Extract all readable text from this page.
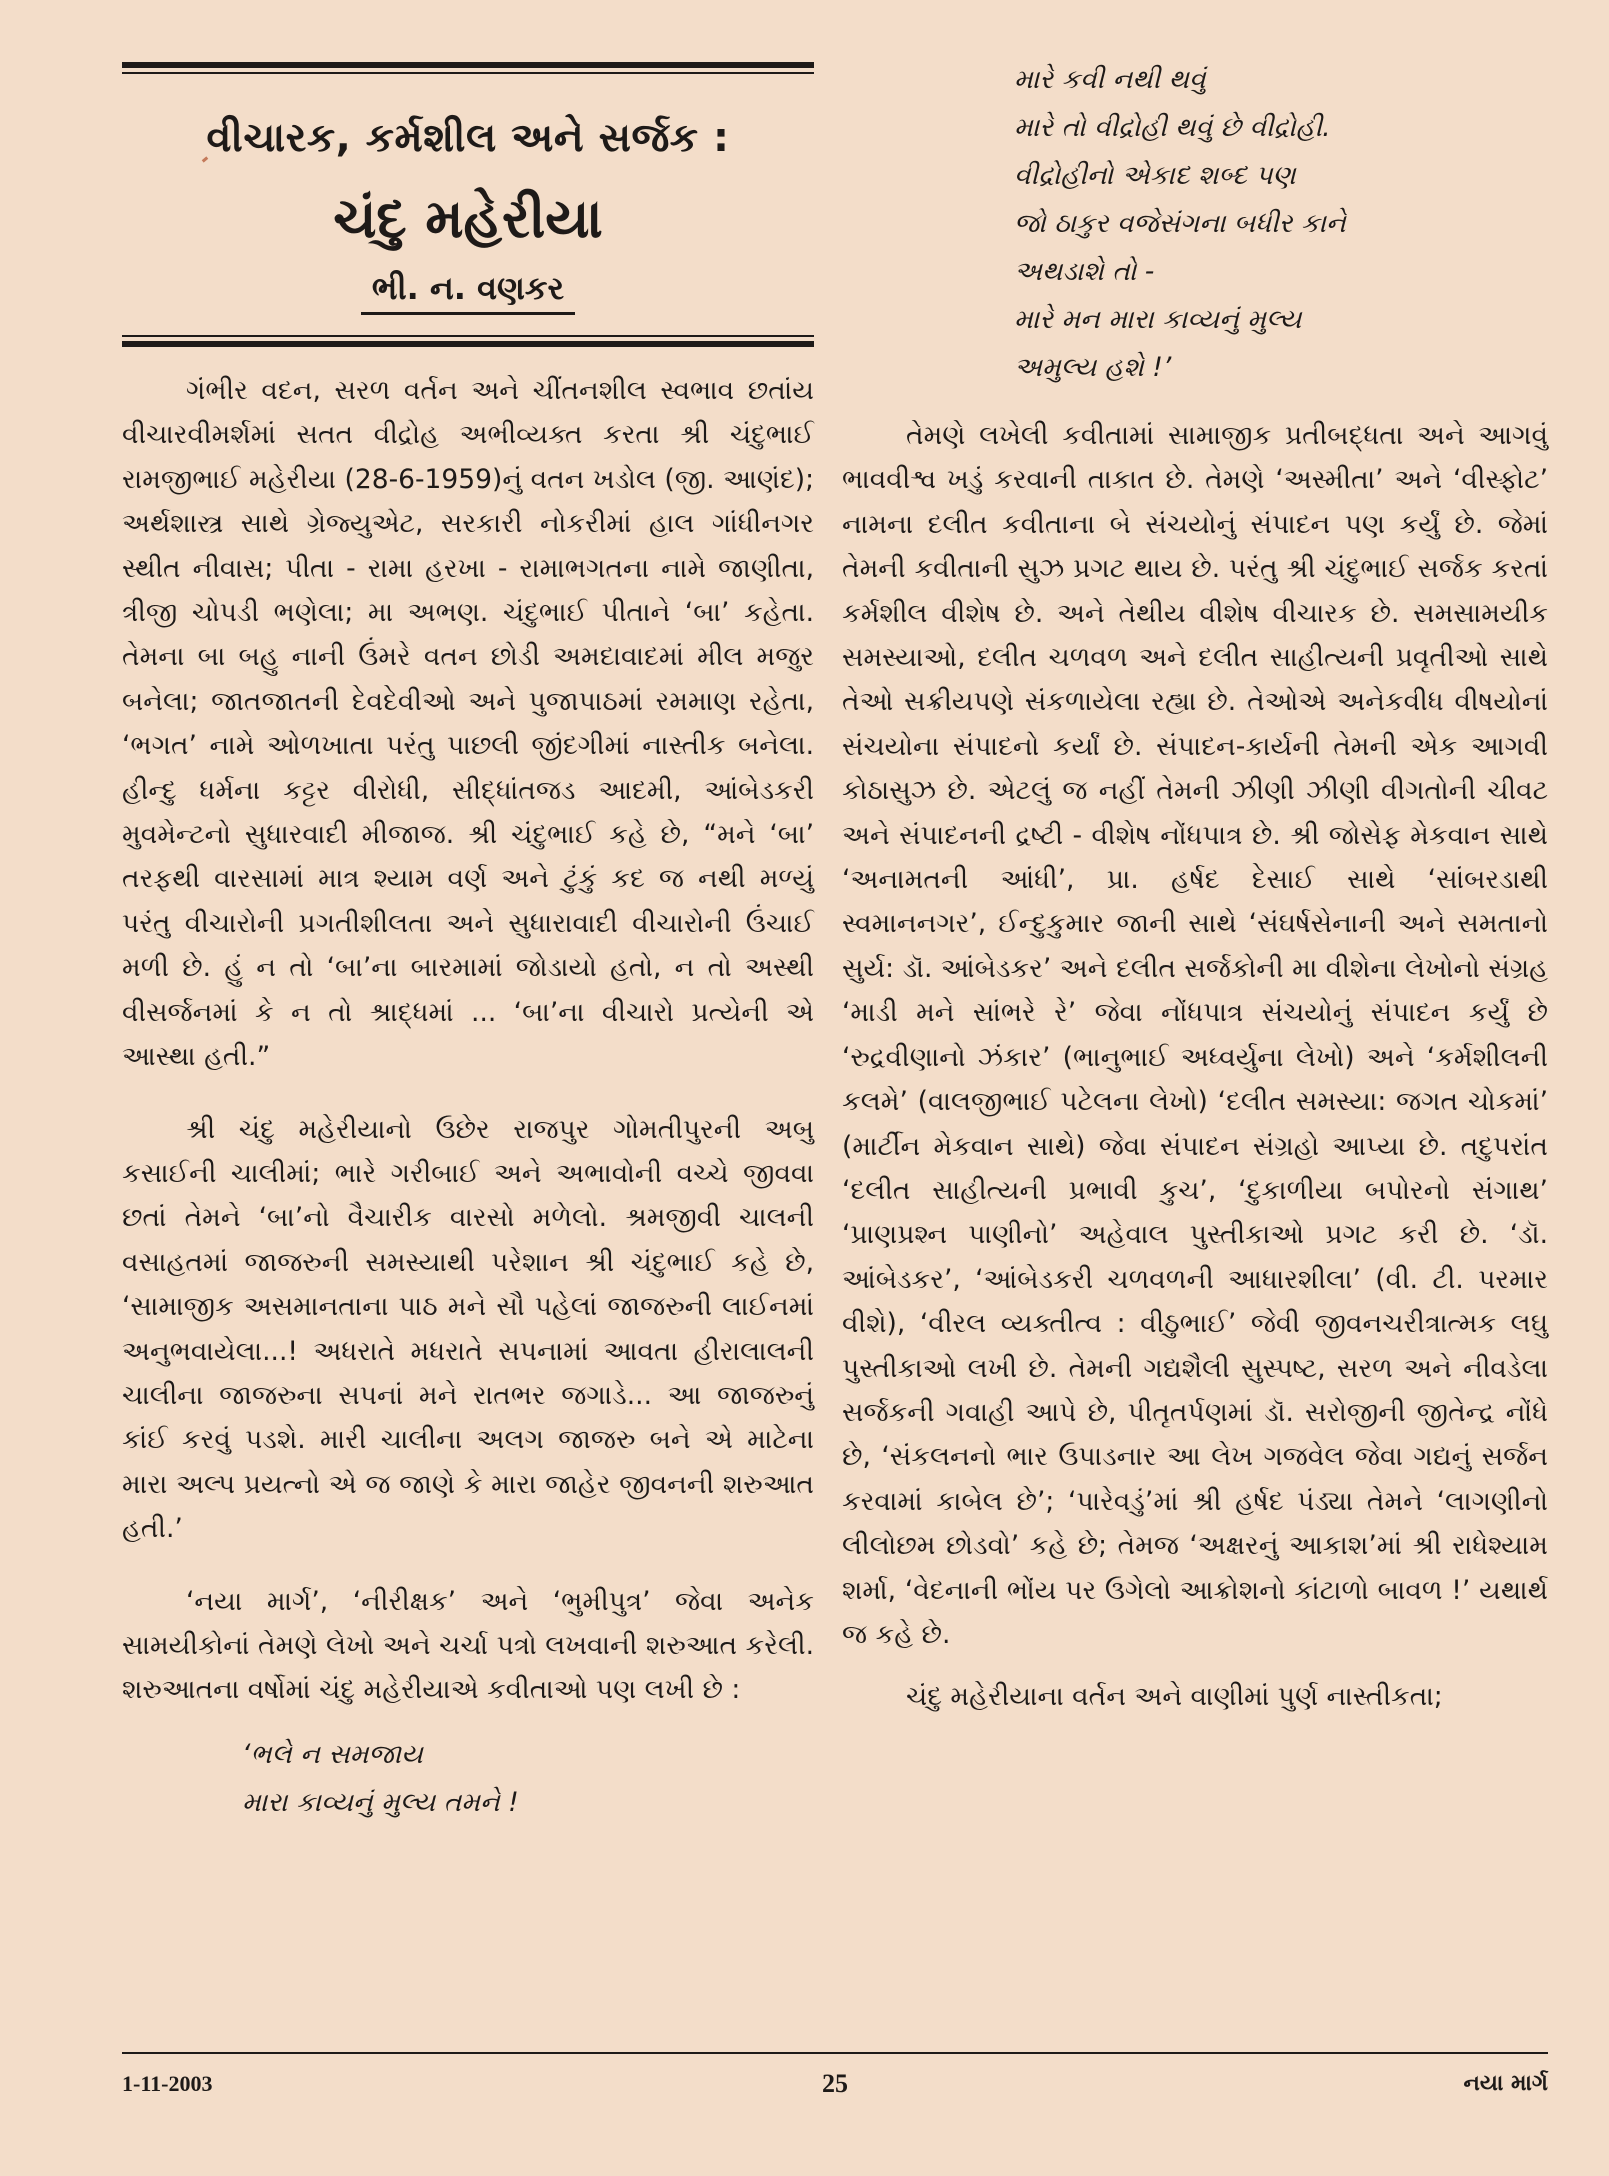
વીચારક, કર્મશીલ અને સર્જક :
ચંદુ મહેરીયા
ભી. ન. વણકર

ગંભીર વદન, સરળ વર્તન અને ચીંતનશીલ સ્વભાવ છતાંય વીચારવીમર્શમાં સતત વીદ્રોહ અભીવ્યક્ત કરતા શ્રી ચંદુભાઈ રામજીભાઈ મહેરીયા (28-6-1959)નું વતન ખડોલ (જી. આણંદ); અર્થશાસ્ત્ર સાથે ગ્રેજ્યુએટ, સરકારી નોકરીમાં હાલ ગાંધીનગર સ્થીત નીવાસ; પીતા - રામા હરખા - રામાભગતના નામે જાણીતા, ત્રીજી ચોપડી ભણેલા; મા અભણ. ચંદુભાઈ પીતાને ‘બા’ કહેતા. તેમના બા બહુ નાની ઉંમરે વતન છોડી અમદાવાદમાં મીલ મજુર બનેલા; જાતજાતની દેવદેવીઓ અને પુજાપાઠમાં રમમાણ રહેતા, ‘ભગત’ નામે ઓળખાતા પરંતુ પાછલી જીંદગીમાં નાસ્તીક બનેલા. હીન્દુ ધર્મના કટ્ટર વીરોધી, સીદ્ધાંતજડ આદમી, આંબેડકરી મુવમેન્ટનો સુધારવાદી મીજાજ. શ્રી ચંદુભાઈ કહે છે, “મને ‘બા’ તરફથી વારસામાં માત્ર શ્યામ વર્ણ અને ટુંકું કદ જ નથી મળ્યું પરંતુ વીચારોની પ્રગતીશીલતા અને સુધારાવાદી વીચારોની ઉંચાઈ મળી છે. હું ન તો ‘બા’ના બારમામાં જોડાયો હતો, ન તો અસ્થી વીસર્જનમાં કે ન તો શ્રાદ્ધમાં ... ‘બા’ના વીચારો પ્રત્યેની એ આસ્થા હતી.”

શ્રી ચંદુ મહેરીયાનો ઉછેર રાજપુર ગોમતીપુરની અબુ કસાઈની ચાલીમાં; ભારે ગરીબાઈ અને અભાવોની વચ્ચે જીવવા છતાં તેમને ‘બા’નો વૈચારીક વારસો મળેલો. શ્રમજીવી ચાલની વસાહતમાં જાજરુની સમસ્યાથી પરેશાન શ્રી ચંદુભાઈ કહે છે, ‘સામાજીક અસમાનતાના પાઠ મને સૌ પહેલાં જાજરુની લાઈનમાં અનુભવાયેલા...! અધરાતે મધરાતે સપનામાં આવતા હીરાલાલની ચાલીના જાજરુના સપનાં મને રાતભર જગાડે... આ જાજરુનું કાંઈ કરવું પડશે. મારી ચાલીના અલગ જાજરુ બને એ માટેના મારા અલ્પ પ્રયત્નો એ જ જાણે કે મારા જાહેર જીવનની શરુઆત હતી.’

‘નયા માર્ગ’, ‘નીરીક્ષક’ અને ‘ભુમીપુત્ર’ જેવા અનેક સામયીકોનાં તેમણે લેખો અને ચર્ચા પત્રો લખવાની શરુઆત કરેલી. શરુઆતના વર્ષોમાં ચંદુ મહેરીયાએ કવીતાઓ પણ લખી છે :

‘ભલે ન સમજાય
મારા કાવ્યનું મુલ્ય તમને !
મારે કવી નથી થવું
મારે તો વીદ્રોહી થવું છે વીદ્રોહી.
વીદ્રોહીનો એકાદ શબ્દ પણ
જો ઠાકુર વજેસંગના બધીર કાને
અથડાશે તો -
મારે મન મારા કાવ્યનું મુલ્ય
અમુલ્ય હશે !’

તેમણે લખેલી કવીતામાં સામાજીક પ્રતીબદ્ધતા અને આગવું ભાવવીશ્વ ખડું કરવાની તાકાત છે. તેમણે ‘અસ્મીતા’ અને ‘વીસ્ફોટ’ નામના દલીત કવીતાના બે સંચયોનું સંપાદન પણ કર્યું છે. જેમાં તેમની કવીતાની સુઝ પ્રગટ થાય છે. પરંતુ શ્રી ચંદુભાઈ સર્જક કરતાં કર્મશીલ વીશેષ છે. અને તેથીય વીશેષ વીચારક છે. સમસામયીક સમસ્યાઓ, દલીત ચળવળ અને દલીત સાહીત્યની પ્રવૃતીઓ સાથે તેઓ સક્રીયપણે સંકળાયેલા રહ્યા છે. તેઓએ અનેકવીધ વીષયોનાં સંચયોના સંપાદનો કર્યાં છે. સંપાદન-કાર્યની તેમની એક આગવી કોઠાસુઝ છે. એટલું જ નહીં તેમની ઝીણી ઝીણી વીગતોની ચીવટ અને સંપાદનની દ્રષ્ટી - વીશેષ નોંધપાત્ર છે. શ્રી જોસેફ મેકવાન સાથે ‘અનામતની આંધી’, પ્રા. હર્ષદ દેસાઈ સાથે ‘સાંબરડાથી સ્વમાનનગર’, ઈન્દુકુમાર જાની સાથે ‘સંઘર્ષસેનાની અને સમતાનો સુર્ય: ડૉ. આંબેડકર’ અને દલીત સર્જકોની મા વીશેના લેખોનો સંગ્રહ ‘માડી મને સાંભરે રે’ જેવા નોંધપાત્ર સંચયોનું સંપાદન કર્યું છે ‘રુદ્રવીણાનો ઝંકાર’ (ભાનુભાઈ અધ્વર્યુના લેખો) અને ‘કર્મશીલની કલમે’ (વાલજીભાઈ પટેલના લેખો) ‘દલીત સમસ્યા: જગત ચોકમાં’ (માર્ટીન મેકવાન સાથે) જેવા સંપાદન સંગ્રહો આપ્યા છે. તદુપરાંત ‘દલીત સાહીત્યની પ્રભાવી કુચ’, ‘દુકાળીયા બપોરનો સંગાથ’ ‘પ્રાણપ્રશ્ન પાણીનો’ અહેવાલ પુસ્તીકાઓ પ્રગટ કરી છે. ‘ડૉ. આંબેડકર’, ‘આંબેડકરી ચળવળની આધારશીલા’ (વી. ટી. પરમાર વીશે), ‘વીરલ વ્યક્તીત્વ : વીઠુભાઈ’ જેવી જીવનચરીત્રાત્મક લઘુ પુસ્તીકાઓ લખી છે. તેમની ગદ્યશૈલી સુસ્પષ્ટ, સરળ અને નીવડેલા સર્જકની ગવાહી આપે છે, પીતૃતર્પણમાં ડૉ. સરોજીની જીતેન્દ્ર નોંધે છે, ‘સંકલનનો ભાર ઉપાડનાર આ લેખ ગજવેલ જેવા ગદ્યનું સર્જન કરવામાં કાબેલ છે’; ‘પારેવડું’માં શ્રી હર્ષદ પંડ્યા તેમને ‘લાગણીનો લીલોછમ છોડવો’ કહે છે; તેમજ ‘અક્ષરનું આકાશ’માં શ્રી રાધેશ્યામ શર્મા, ‘વેદનાની ભોંય પર ઉગેલો આક્રોશનો કાંટાળો બાવળ !’ યથાર્થ જ કહે છે.

ચંદુ મહેરીયાના વર્તન અને વાણીમાં પુર્ણ નાસ્તીકતા;

1-11-2003	25	નયા માર્ગ
